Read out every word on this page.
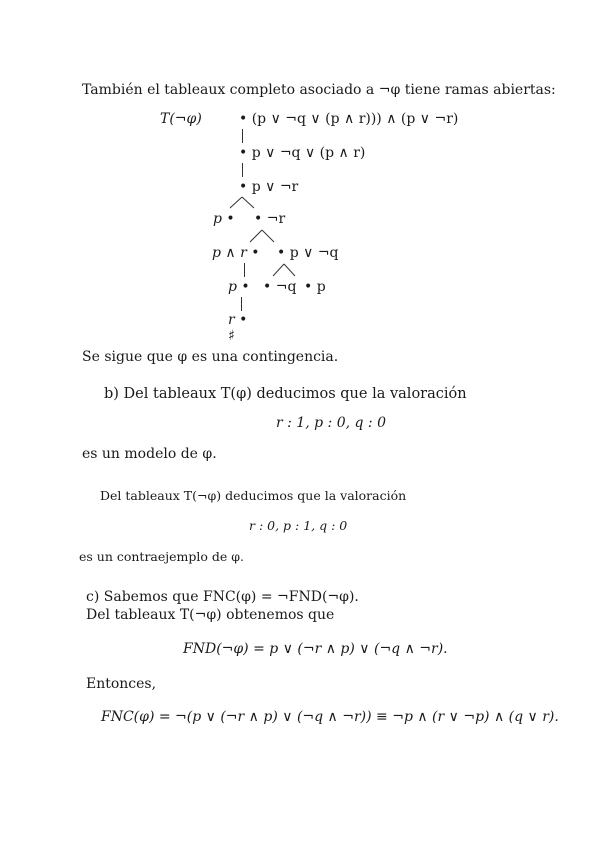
También el tableaux completo asociado a ¬φ tiene ramas abiertas:
T(¬φ)	• (p ∨ ¬q ∨ (p ∧ r))) ∧ (p ∨ ¬r)
• p ∨ ¬q ∨ (p ∧ r)
• p ∨ ¬r
p • • ¬r
p ∧ r • • p ∨ ¬q
p • • ¬q • p
r •
♯
Se sigue que φ es una contingencia.
b) Del tableaux T(φ) deducimos que la valoración
r : 1, p : 0, q : 0
es un modelo de φ.
Del tableaux T(¬φ) deducimos que la valoración
r : 0, p : 1, q : 0
es un contraejemplo de φ.
c) Sabemos que FNC(φ) = ¬FND(¬φ).
Del tableaux T(¬φ) obtenemos que
FND(¬φ) = p ∨ (¬r ∧ p) ∨ (¬q ∧ ¬r).
Entonces,
FNC(φ) = ¬(p ∨ (¬r ∧ p) ∨ (¬q ∧ ¬r)) ≡ ¬p ∧ (r ∨ ¬p) ∧ (q ∨ r).
